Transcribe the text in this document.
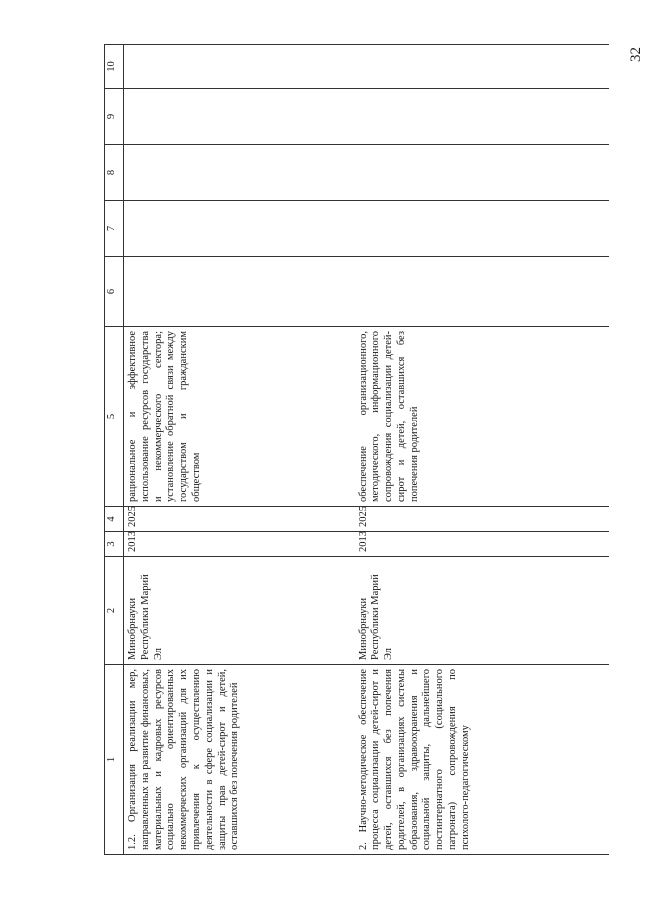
32
1	2	3	4	5	6	7	8	9	10
1.2. Организация реализации мер, направленных на развитие финансовых, материальных и кадровых ресурсов социально ориентированных некоммерческих организаций для их привлечения к осуществлению деятельности в сфере социализации и защиты прав детей-сирот и детей, оставшихся без попечения родителей	Минобрнауки Республики Марий Эл	2013	2025	рациональное и эффективное использование ресурсов государства и некоммерческого сектора; установление обратной связи между государством и гражданским обществом					
2. Научно-методическое обеспечение процесса социализации детей-сирот и детей, оставшихся без попечения родителей, в организациях системы образования, здравоохранения и социальной защиты, дальнейшего постинтернатного (социального патроната) сопровождения по психолого-педагогическому	Минобрнауки Республики Марий Эл	2013	2025	обеспечение организационного, методического, информационного сопровождения социализации детей-сирот и детей, оставшихся без попечения родителей					
